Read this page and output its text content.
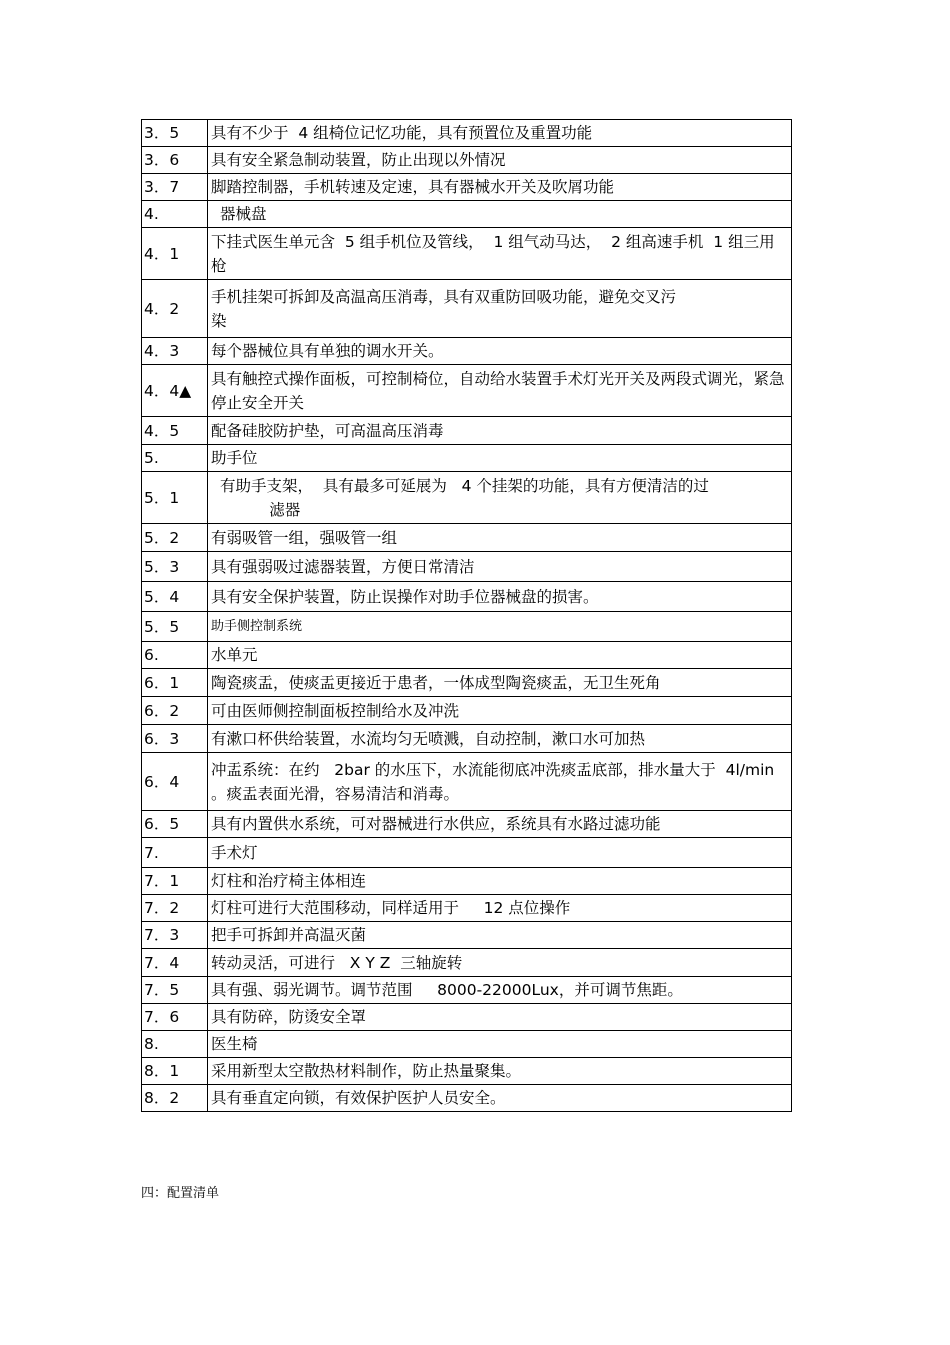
3．5	具有不少于  4 组椅位记忆功能，具有预置位及重置功能
3．6	具有安全紧急制动装置，防止出现以外情况
3．7	脚踏控制器，手机转速及定速，具有器械水开关及吹屑功能
4.	器械盘
4．1	下挂式医生单元含  5 组手机位及管线，  1 组气动马达，  2 组高速手机  1 组三用枪
4．2	手机挂架可拆卸及高温高压消毒，具有双重防回吸功能，避免交叉污
染
4．3	每个器械位具有单独的调水开关。
4．4▲	具有触控式操作面板，可控制椅位，自动给水装置手术灯光开关及两段式调光，紧急停止安全开关
4．5	配备硅胶防护垫，可高温高压消毒
5.	助手位
5．1	有助手支架，  具有最多可延展为   4 个挂架的功能，具有方便清洁的过
滤器
5．2	有弱吸管一组，强吸管一组
5．3	具有强弱吸过滤器装置，方便日常清洁
5．4	具有安全保护装置，防止误操作对助手位器械盘的损害。
5．5	助手侧控制系统
6.	水单元
6．1	陶瓷痰盂，使痰盂更接近于患者，一体成型陶瓷痰盂，无卫生死角
6．2	可由医师侧控制面板控制给水及冲洗
6．3	有漱口杯供给装置，水流均匀无喷溅，自动控制，漱口水可加热
6．4	冲盂系统：在约   2bar 的水压下，水流能彻底冲洗痰盂底部，排水量大于  4l/min  。痰盂表面光滑，容易清洁和消毒。
6．5	具有内置供水系统，可对器械进行水供应，系统具有水路过滤功能
7.	手术灯
7．1	灯柱和治疗椅主体相连
7．2	灯柱可进行大范围移动，同样适用于     12 点位操作
7．3	把手可拆卸并高温灭菌
7．4	转动灵活，可进行   X Y Z  三轴旋转
7．5	具有强、弱光调节。调节范围     8000-22000Lux，并可调节焦距。
7．6	具有防碎，防烫安全罩
8.	医生椅
8．1	采用新型太空散热材料制作，防止热量聚集。
8．2	具有垂直定向锁，有效保护医护人员安全。
四：配置清单
